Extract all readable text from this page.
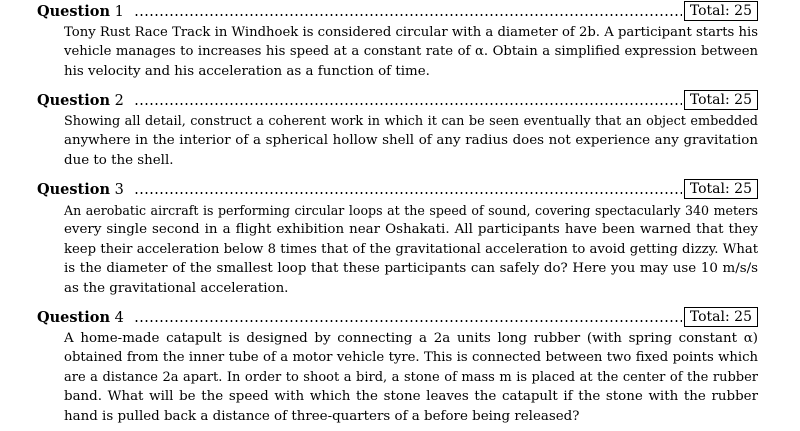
Question 1	Total: 25
Tony Rust Race Track in Windhoek is considered circular with a diameter of 2b. A participant starts his
vehicle manages to increases his speed at a constant rate of α. Obtain a simplified expression between
his velocity and his acceleration as a function of time.
Question 2	Total: 25
Showing all detail, construct a coherent work in which it can be seen eventually that an object embedded
anywhere in the interior of a spherical hollow shell of any radius does not experience any gravitation
due to the shell.
Question 3	Total: 25
An aerobatic aircraft is performing circular loops at the speed of sound, covering spectacularly 340 meters
every single second in a flight exhibition near Oshakati. All participants have been warned that they
keep their acceleration below 8 times that of the gravitational acceleration to avoid getting dizzy. What
is the diameter of the smallest loop that these participants can safely do? Here you may use 10 m/s/s
as the gravitational acceleration.
Question 4	Total: 25
A home-made catapult is designed by connecting a 2a units long rubber (with spring constant α)
obtained from the inner tube of a motor vehicle tyre. This is connected between two fixed points which
are a distance 2a apart. In order to shoot a bird, a stone of mass m is placed at the center of the rubber
band. What will be the speed with which the stone leaves the catapult if the stone with the rubber
hand is pulled back a distance of three-quarters of a before being released?
